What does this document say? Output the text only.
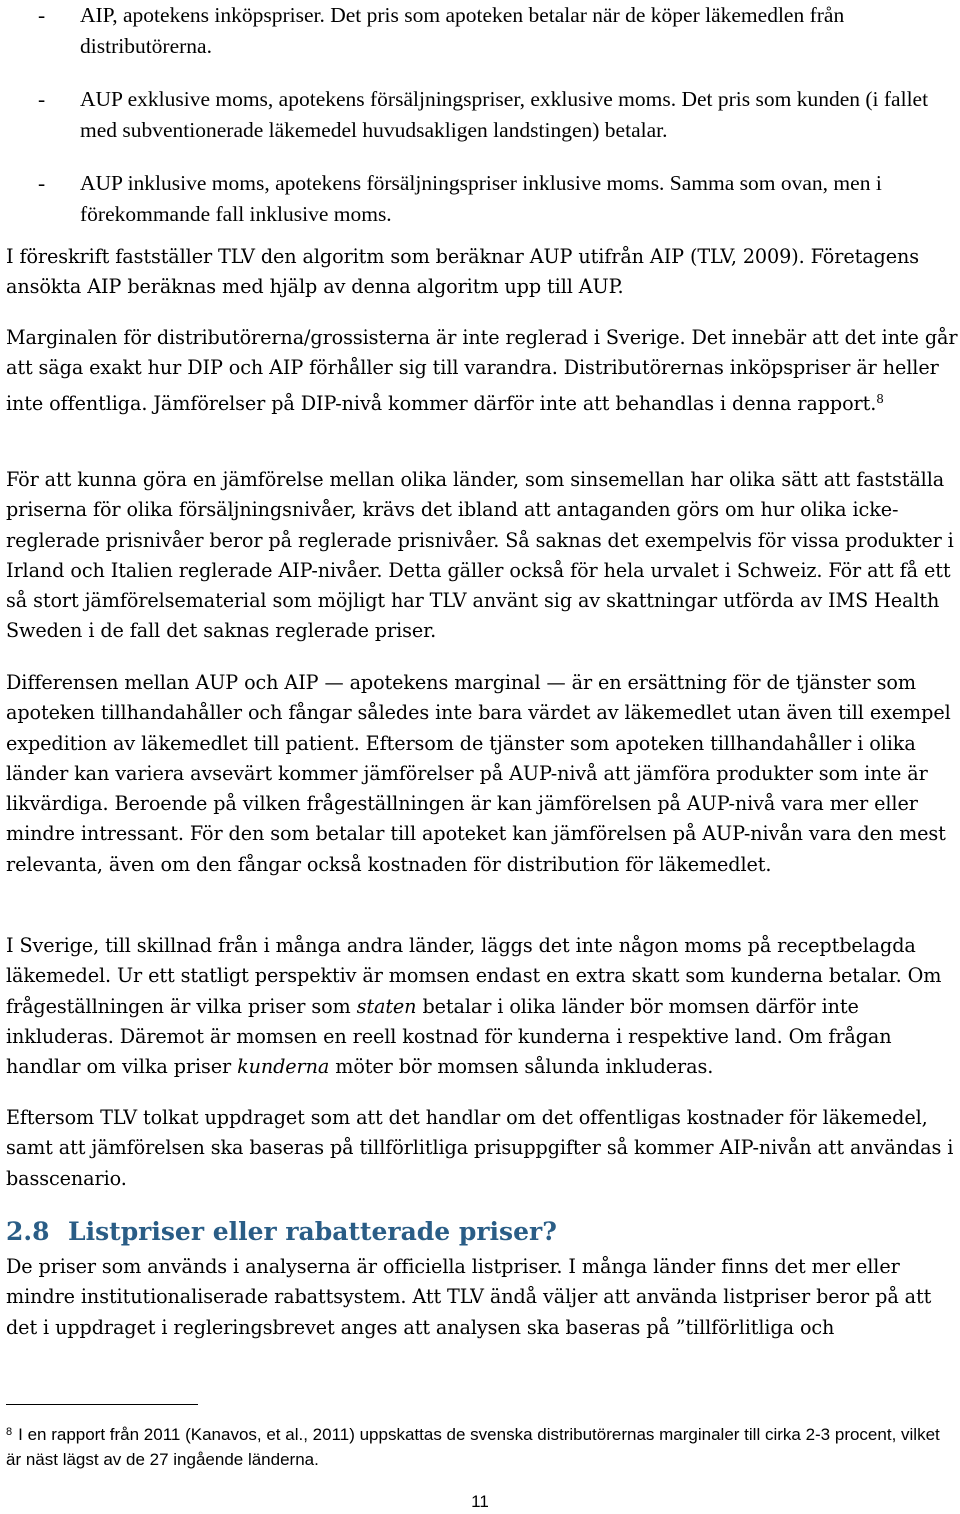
- AIP, apotekens inköpspriser. Det pris som apoteken betalar när de köper läkemedlen från distributörerna.
- AUP exklusive moms, apotekens försäljningspriser, exklusive moms. Det pris som kunden (i fallet med subventionerade läkemedel huvudsakligen landstingen) betalar.
- AUP inklusive moms, apotekens försäljningspriser inklusive moms. Samma som ovan, men i förekommande fall inklusive moms.

I föreskrift fastställer TLV den algoritm som beräknar AUP utifrån AIP (TLV, 2009). Företagens ansökta AIP beräknas med hjälp av denna algoritm upp till AUP.

Marginalen för distributörerna/grossisterna är inte reglerad i Sverige. Det innebär att det inte går att säga exakt hur DIP och AIP förhåller sig till varandra. Distributörernas inköpspriser är heller inte offentliga. Jämförelser på DIP-nivå kommer därför inte att behandlas i denna rapport.$^8$

För att kunna göra en jämförelse mellan olika länder, som sinsemellan har olika sätt att fastställa priserna för olika försäljningsnivåer, krävs det ibland att antaganden görs om hur olika icke-reglerade prisnivåer beror på reglerade prisnivåer. Så saknas det exempelvis för vissa produkter i Irland och Italien reglerade AIP-nivåer. Detta gäller också för hela urvalet i Schweiz. För att få ett så stort jämförelsematerial som möjligt har TLV använt sig av skattningar utförda av IMS Health Sweden i de fall det saknas reglerade priser.

Differensen mellan AUP och AIP — apotekens marginal — är en ersättning för de tjänster som apoteken tillhandahåller och fångar således inte bara värdet av läkemedlet utan även till exempel expedition av läkemedlet till patient. Eftersom de tjänster som apoteken tillhandahåller i olika länder kan variera avsevärt kommer jämförelser på AUP-nivå att jämföra produkter som inte är likvärdiga. Beroende på vilken frågeställningen är kan jämförelsen på AUP-nivå vara mer eller mindre intressant. För den som betalar till apoteket kan jämförelsen på AUP-nivån vara den mest relevanta, även om den fångar också kostnaden för distribution för läkemedlet.

I Sverige, till skillnad från i många andra länder, läggs det inte någon moms på receptbelagda läkemedel. Ur ett statligt perspektiv är momsen endast en extra skatt som kunderna betalar. Om frågeställningen är vilka priser som staten betalar i olika länder bör momsen därför inte inkluderas. Däremot är momsen en reell kostnad för kunderna i respektive land. Om frågan handlar om vilka priser kunderna möter bör momsen sålunda inkluderas.

Eftersom TLV tolkat uppdraget som att det handlar om det offentligas kostnader för läkemedel, samt att jämförelsen ska baseras på tillförlitliga prisuppgifter så kommer AIP-nivån att användas i basscenario.

2.8 Listpriser eller rabatterade priser?

De priser som används i analyserna är officiella listpriser. I många länder finns det mer eller mindre institutionaliserade rabattsystem. Att TLV ändå väljer att använda listpriser beror på att det i uppdraget i regleringsbrevet anges att analysen ska baseras på ”tillförlitliga och

$^8$ I en rapport från 2011 (Kanavos, et al., 2011) uppskattas de svenska distributörernas marginaler till cirka 2-3 procent, vilket är näst lägst av de 27 ingående länderna.

11
